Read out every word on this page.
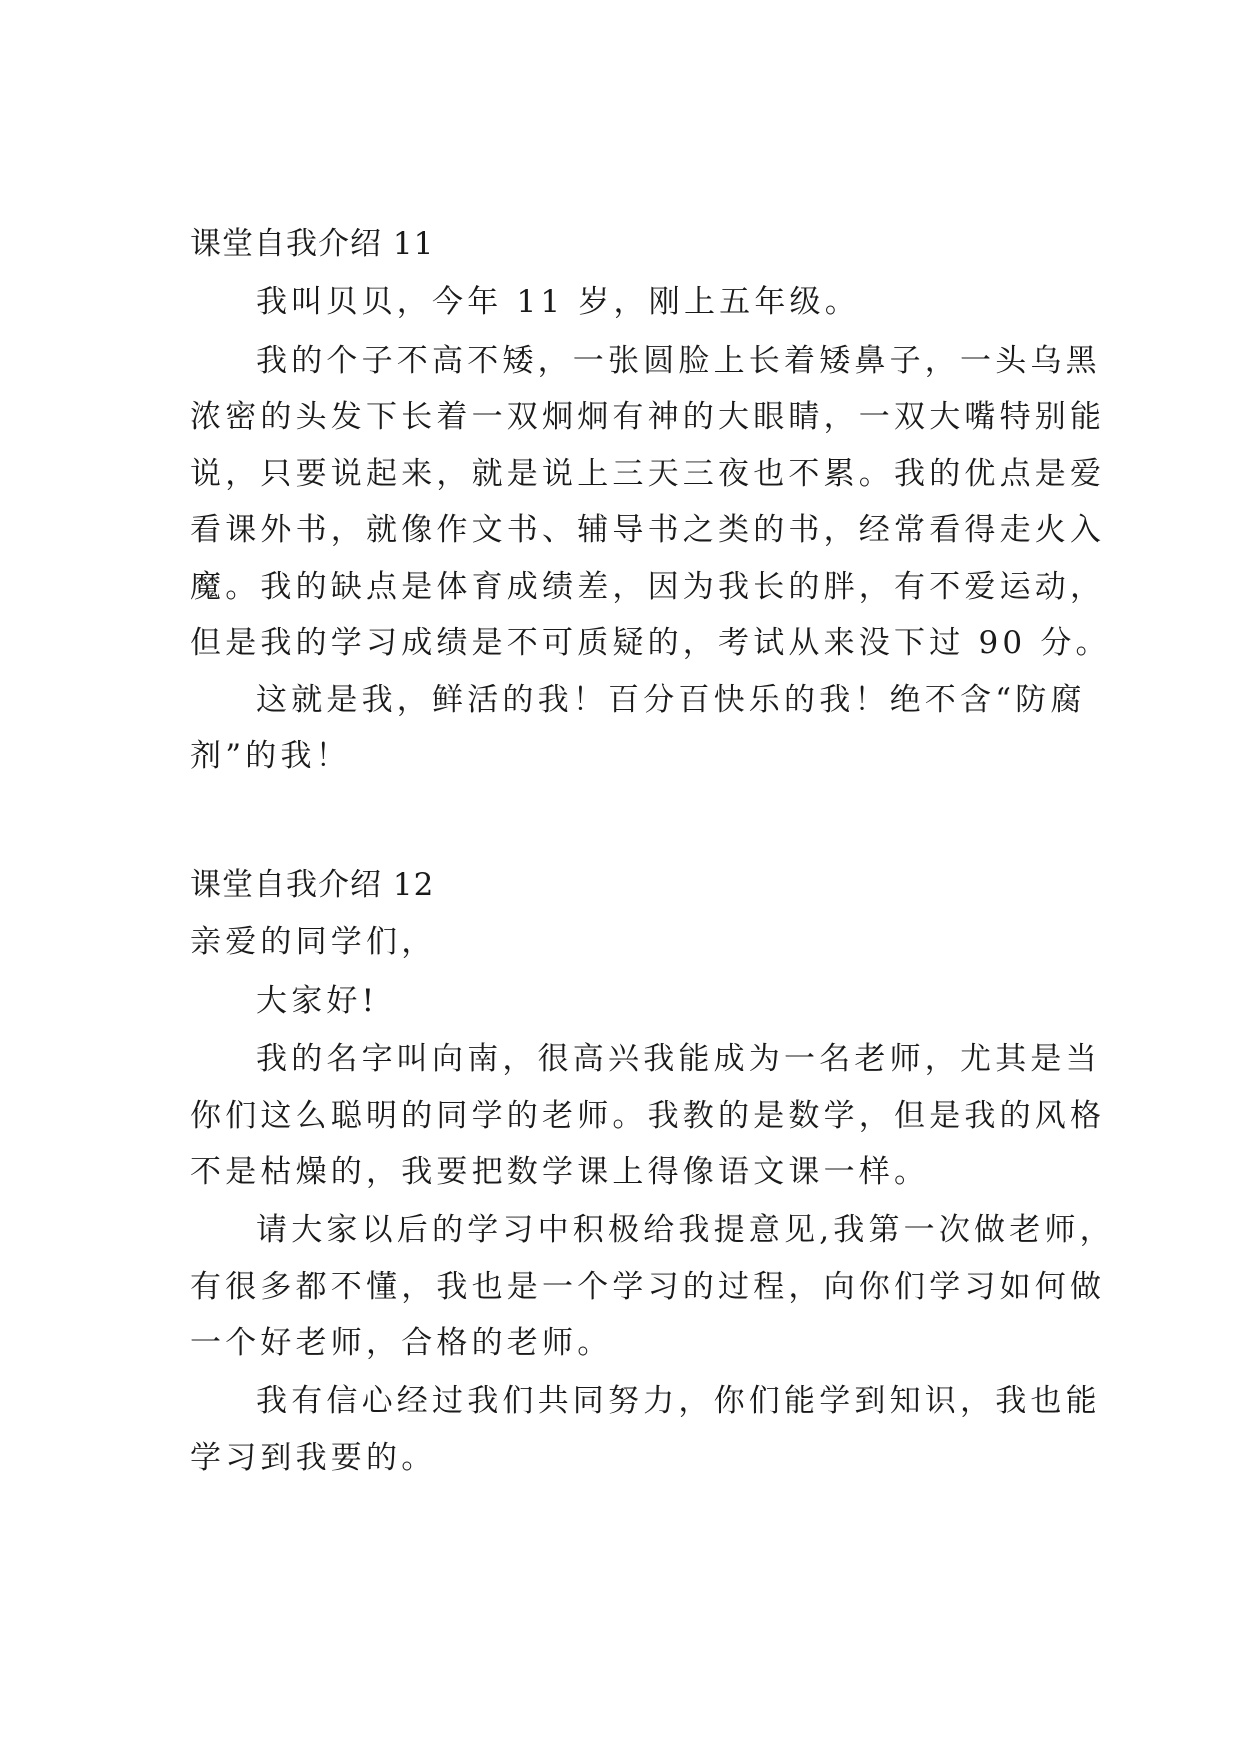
课堂自我介绍 11
我叫贝贝，今年 11 岁，刚上五年级。
我的个子不高不矮，一张圆脸上长着矮鼻子，一头乌黑
浓密的头发下长着一双炯炯有神的大眼睛，一双大嘴特别能
说，只要说起来，就是说上三天三夜也不累。我的优点是爱
看课外书，就像作文书、辅导书之类的书，经常看得走火入
魔。我的缺点是体育成绩差，因为我长的胖，有不爱运动，
但是我的学习成绩是不可质疑的，考试从来没下过 90 分。
这就是我，鲜活的我！百分百快乐的我！绝不含“防腐
剂”的我！
课堂自我介绍 12
亲爱的同学们，
大家好!
我的名字叫向南，很高兴我能成为一名老师，尤其是当
你们这么聪明的同学的老师。我教的是数学，但是我的风格
不是枯燥的，我要把数学课上得像语文课一样。
请大家以后的学习中积极给我提意见,我第一次做老师，
有很多都不懂，我也是一个学习的过程，向你们学习如何做
一个好老师，合格的老师。
我有信心经过我们共同努力，你们能学到知识，我也能
学习到我要的。
